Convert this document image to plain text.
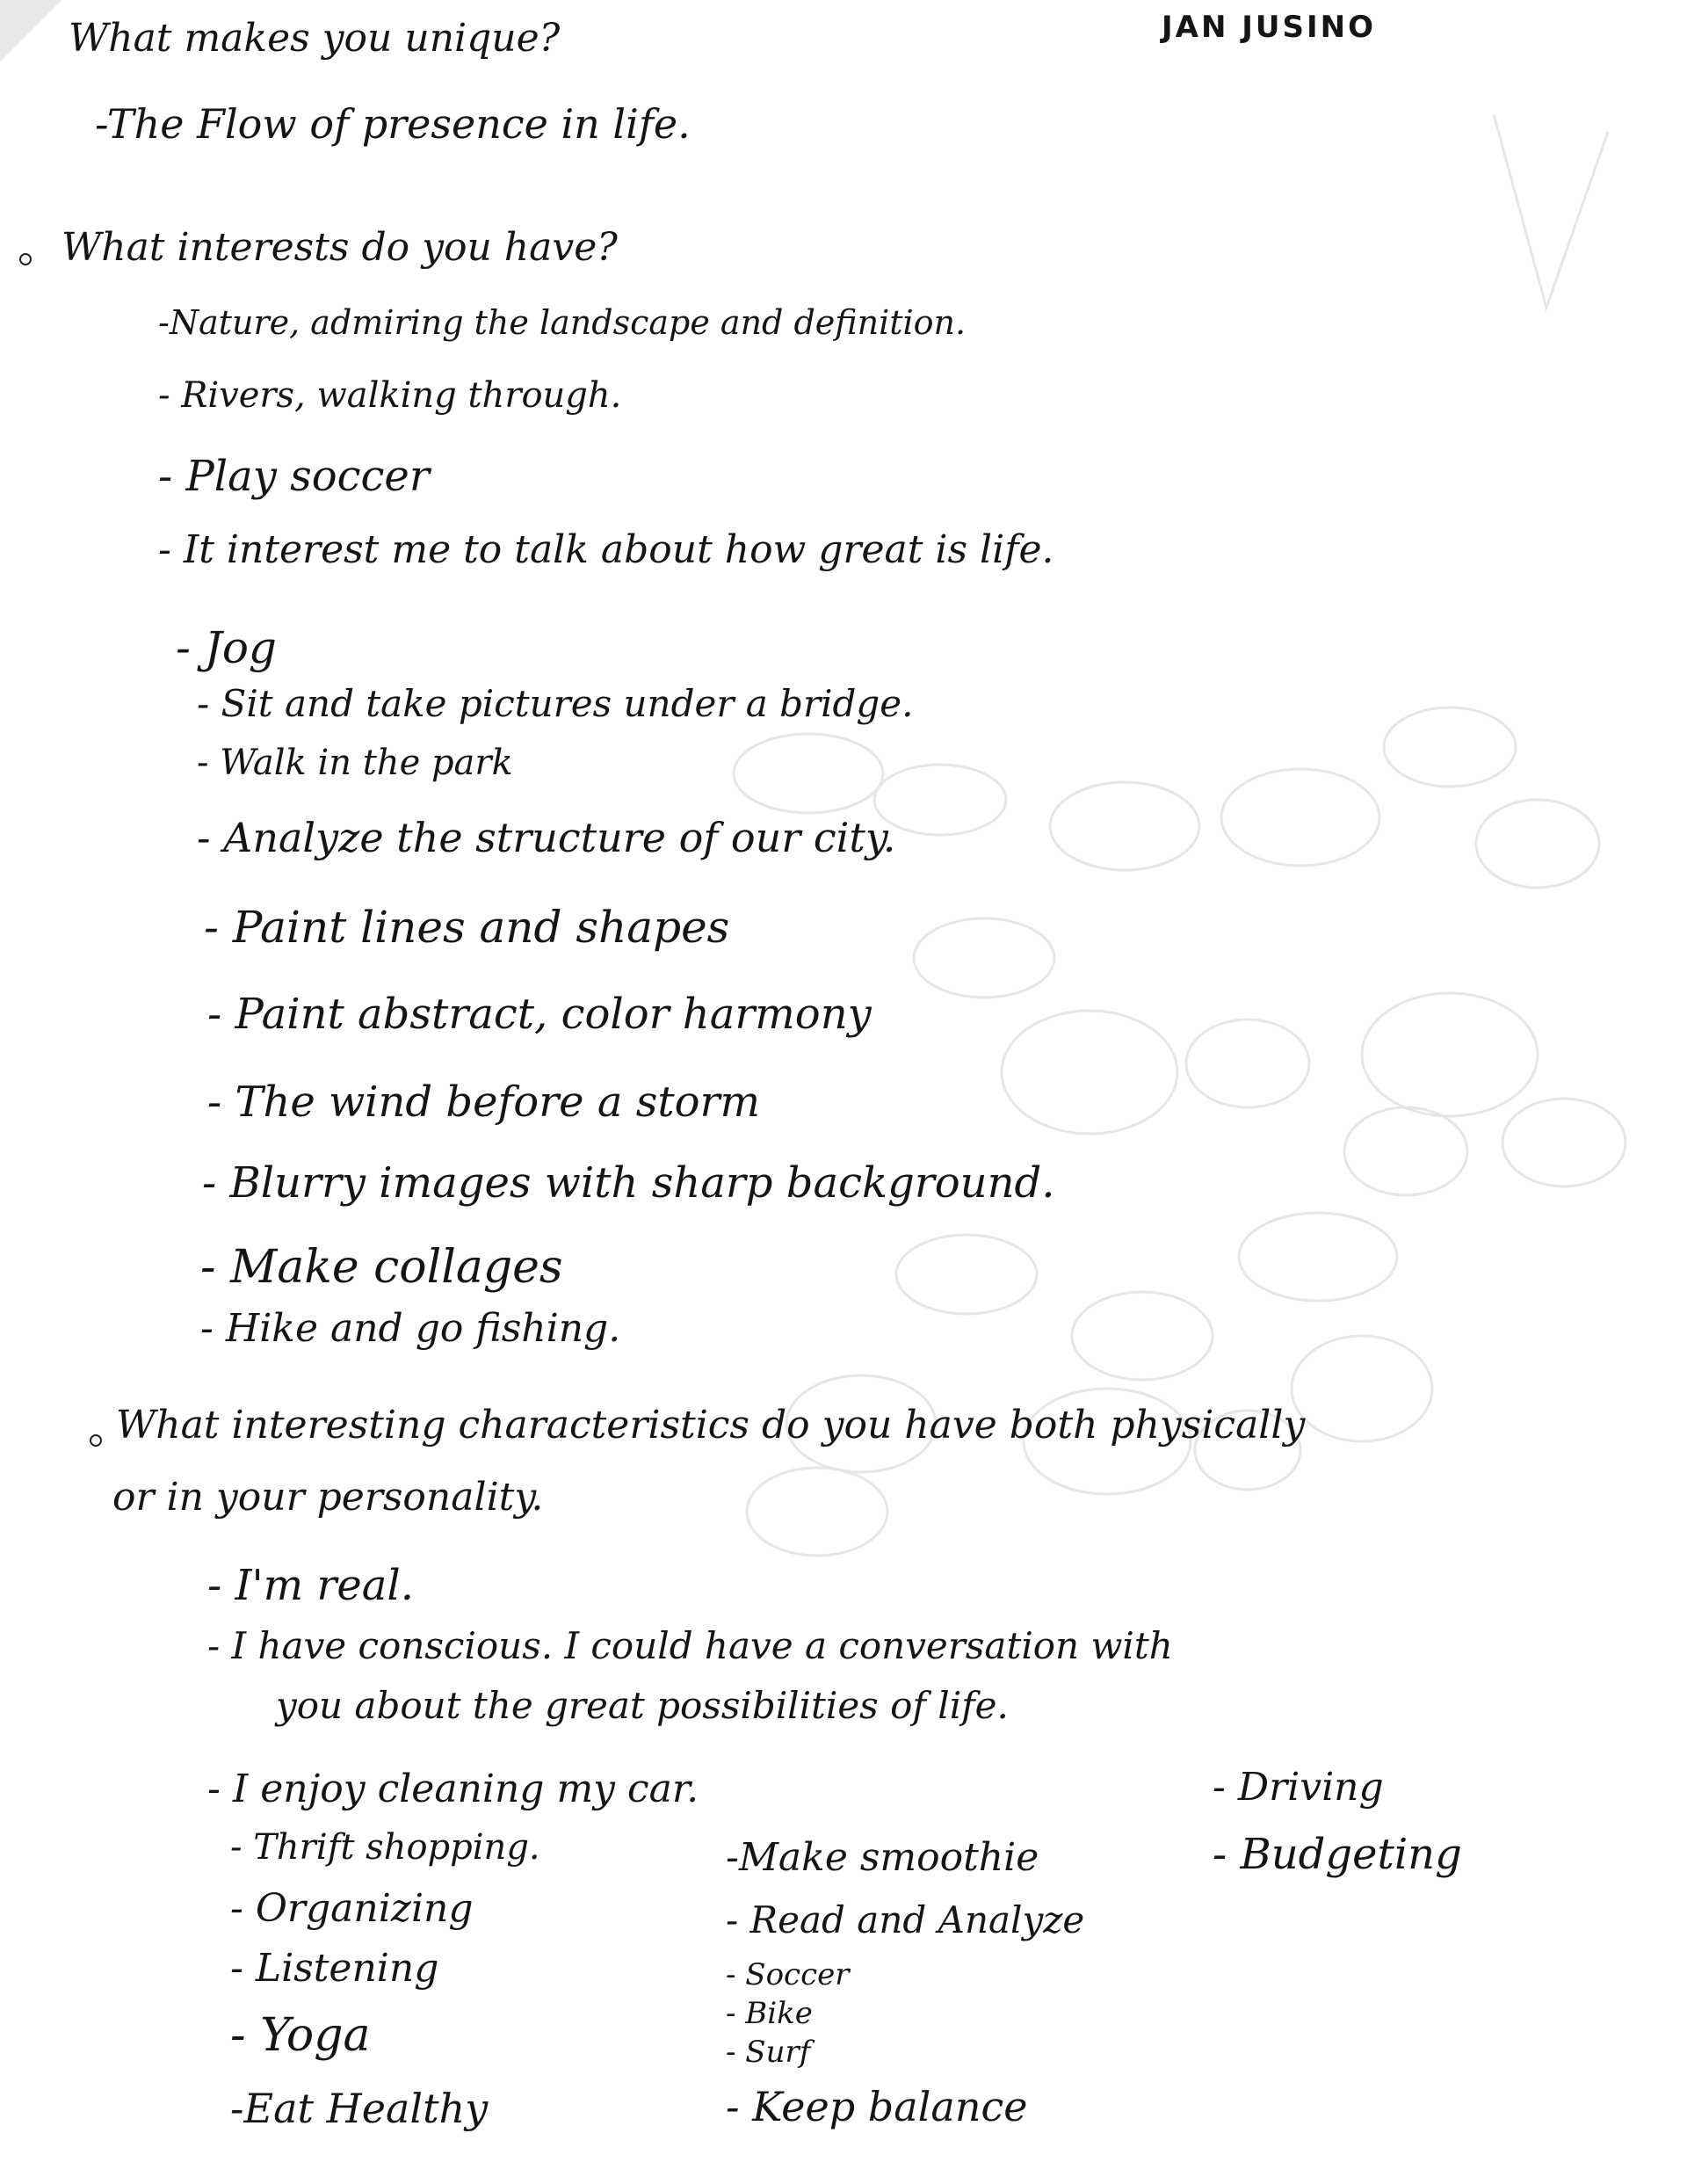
JAN JUSINO
What makes you unique?
-The Flow of presence in life.
What interests do you have?
-Nature, admiring the landscape and definition.
- Rivers, walking through.
- Play soccer
- It interest me to talk about how great is life.
- Jog
- Sit and take pictures under a bridge.
- Walk in the park
- Analyze the structure of our city.
- Paint lines and shapes
- Paint abstract, color harmony
- The wind before a storm
- Blurry images with sharp background.
- Make collages
- Hike and go fishing.
What interesting characteristics do you have both physically
or in your personality.
- I'm real.
- I have conscious. I could have a conversation with
you about the great possibilities of life.
- I enjoy cleaning my car.
- Thrift shopping.
- Organizing
- Listening
- Yoga
-Eat Healthy
-Make smoothie
- Read and Analyze
- Soccer
- Bike
- Surf
- Keep balance
- Driving
- Budgeting
